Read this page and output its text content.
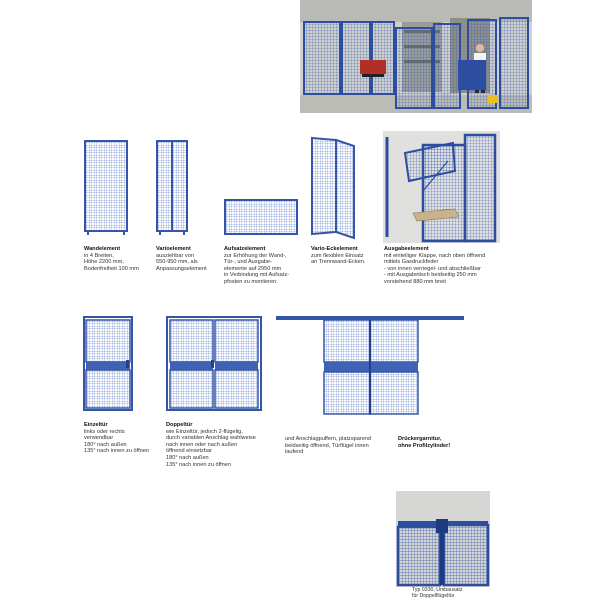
Wandelement
in 4 Breiten,
Höhe 2200 mm,
Bodenfreiheit 100 mm
Varioelement
ausziehbar von
550-950 mm, als
Anpassungselement
Aufsatzelement
zur Erhöhung der Wand-,
Tür-, und Ausgabe-
elemente auf 2950 mm
in Verbindung mit Aufsatz-
pfosten zu montieren.
Vario-Eckelement
zum flexiblen Einsatz
an Trennwand-Ecken.
Ausgabeelement
mit einteiliger Klappe, nach oben öffnend
mittels Gasdruckfeder
- von innen verriegel- und abschließbar
- mit Ausgabetisch beidseitig 250 mm
vorstehend 880 mm breit
Einzeltür
links oder rechts
verwendbar
180° nach außen
135° nach innen zu öffnen
Doppeltür
wie Einzeltür, jedoch 2-flügelig,
durch variablen Anschlag wahlweise
nach innen oder nach außen
öffnend einsetzbar
180° nach außen
135° nach innen zu öffnen
und Anschlagpuffern, platzsparend
beidseitig öffnend, Türflügel innen
laufend
Drückergarnitur,
ohne Profilzylinder!
Typ 0330, Umbausatz
für Doppelflügeltür
